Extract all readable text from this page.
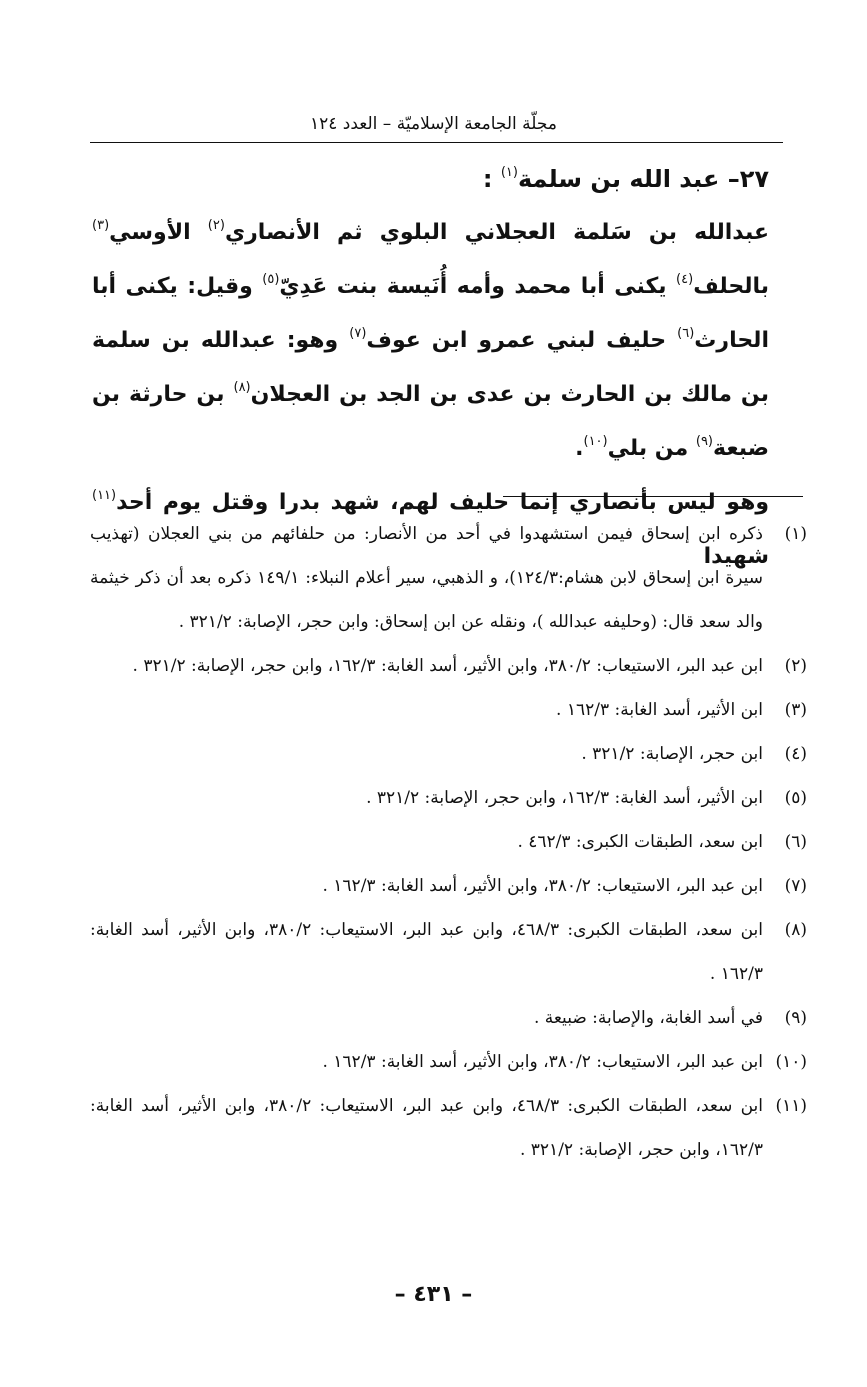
مجلّة الجامعة الإسلاميّة – العدد ١٢٤

٢٧– عبد الله بن سلمة$^{(١)}$ :

عبدالله بن سَلمة العجلاني البلوي ثم الأنصاري$^{(٢)}$ الأوسي$^{(٣)}$ بالحلف$^{(٤)}$ يكنى أبا محمد وأمه أُنَيسة بنت عَدِيّ$^{(٥)}$ وقيل: يكنى أبا الحارث$^{(٦)}$ حليف لبني عمرو ابن عوف$^{(٧)}$ وهو: عبدالله بن سلمة بن مالك بن الحارث بن عدى بن الجد بن العجلان$^{(٨)}$ بن حارثة بن ضبعة$^{(٩)}$ من بلي$^{(١٠)}$.

وهو ليس بأنصاري إنما حليف لهم، شهد بدرا وقتل يوم أحد$^{(١١)}$ شهيدا

(١)
ذكره ابن إسحاق فيمن استشهدوا في أحد من الأنصار: من حلفائهم من بني العجلان (تهذيب سيرة ابن إسحاق لابن هشام:١٢٤/٣)، و الذهبي، سير أعلام النبلاء: ١٤٩/١ ذكره بعد أن ذكر خيثمة والد سعد قال: (وحليفه عبدالله )، ونقله عن ابن إسحاق: وابن حجر، الإصابة: ٣٢١/٢ .

(٢)
ابن عبد البر، الاستيعاب: ٣٨٠/٢، وابن الأثير، أسد الغابة: ١٦٢/٣، وابن حجر، الإصابة: ٣٢١/٢ .

(٣)
ابن الأثير، أسد الغابة: ١٦٢/٣ .

(٤)
ابن حجر، الإصابة: ٣٢١/٢ .

(٥)
ابن الأثير، أسد الغابة: ١٦٢/٣، وابن حجر، الإصابة: ٣٢١/٢ .

(٦)
ابن سعد، الطبقات الكبرى: ٤٦٢/٣ .

(٧)
ابن عبد البر، الاستيعاب: ٣٨٠/٢، وابن الأثير، أسد الغابة: ١٦٢/٣ .

(٨)
ابن سعد، الطبقات الكبرى: ٤٦٨/٣، وابن عبد البر، الاستيعاب: ٣٨٠/٢، وابن الأثير، أسد الغابة: ١٦٢/٣ .

(٩)
في أسد الغابة، والإصابة: ضبيعة .

(١٠)
ابن عبد البر، الاستيعاب: ٣٨٠/٢، وابن الأثير، أسد الغابة: ١٦٢/٣ .

(١١)
ابن سعد، الطبقات الكبرى: ٤٦٨/٣، وابن عبد البر، الاستيعاب: ٣٨٠/٢، وابن الأثير، أسد الغابة: ١٦٢/٣، وابن حجر، الإصابة: ٣٢١/٢ .

– ٤٣١ –
